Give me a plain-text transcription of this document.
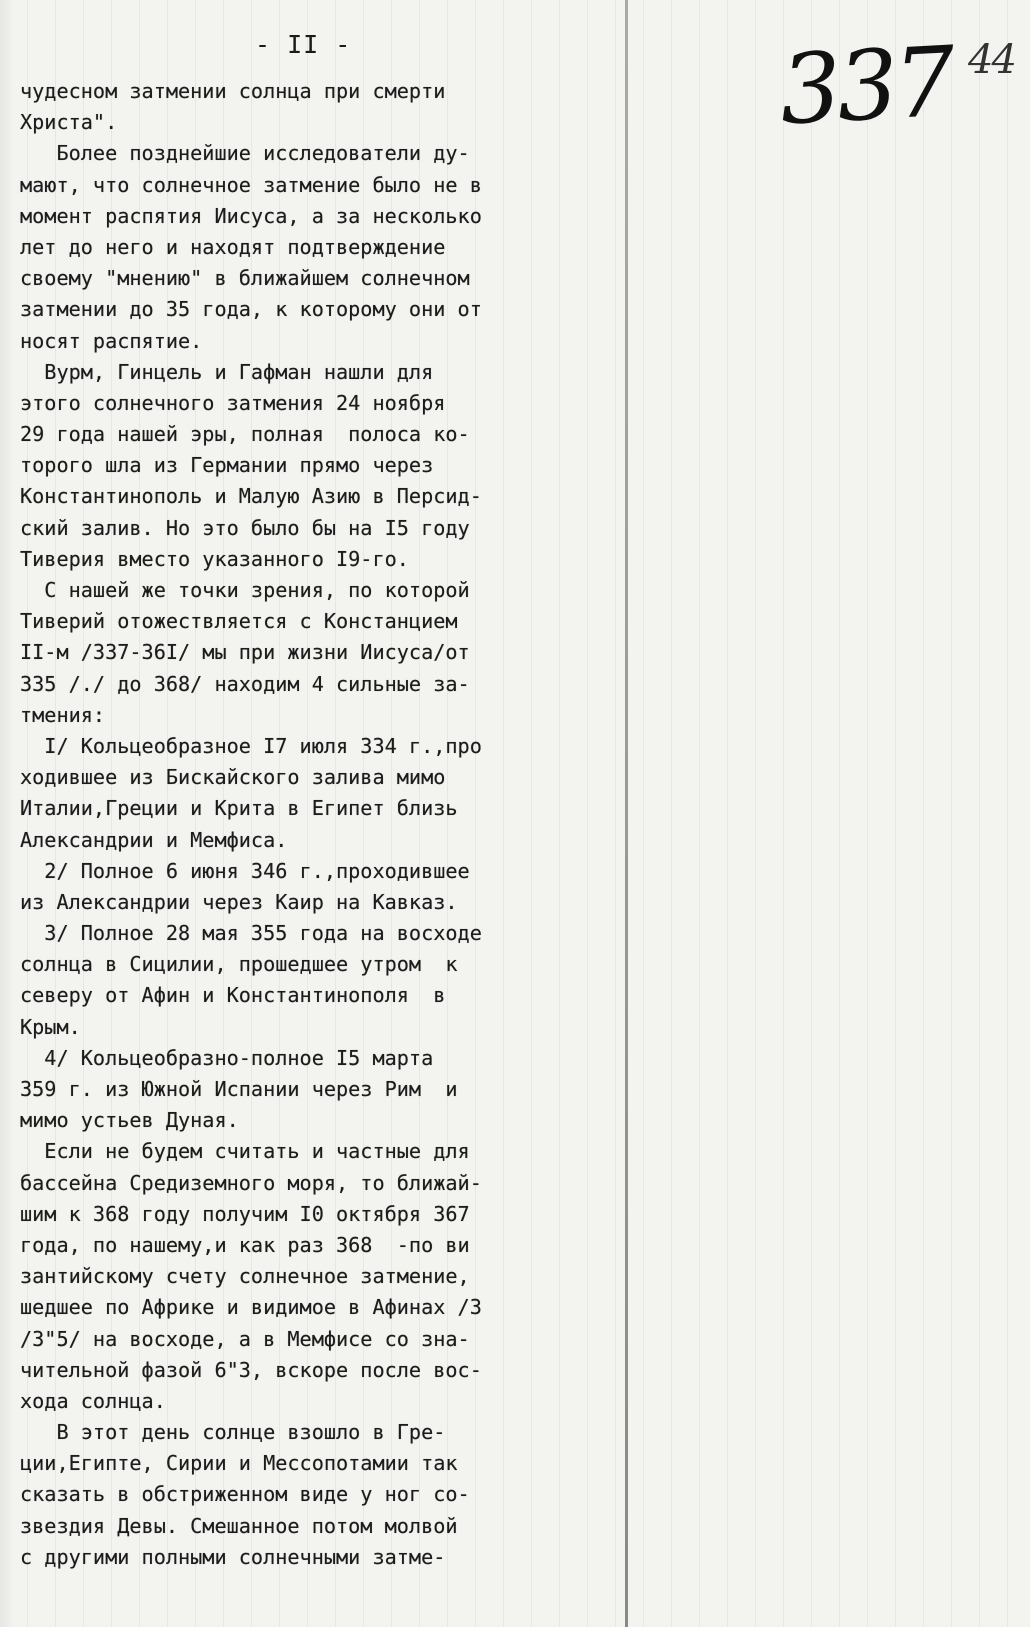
- II -	337 44
чудесном затмении солнца при смерти
Христа".
Более позднейшие исследователи ду-
мают, что солнечное затмение было не в
момент распятия Иисуса, а за несколько
лет до него и находят подтверждение
своему "мнению" в ближайшем солнечном
затмении до 35 года, к которому они от
носят распятие.
Вурм, Гинцель и Гафман нашли для
этого солнечного затмения 24 ноября
29 года нашей эры, полная  полоса ко-
торого шла из Германии прямо через
Константинополь и Малую Азию в Персид-
ский залив. Но это было бы на I5 году
Тиверия вместо указанного I9-го.
С нашей же точки зрения, по которой
Тиверий отожествляется с Констанцием
II-м /337-36I/ мы при жизни Иисуса/от
335 /./ до 368/ находим 4 сильные за-
тмения:
I/ Кольцеобразное I7 июля 334 г.,про
ходившее из Бискайского залива мимо
Италии,Греции и Крита в Египет близь
Александрии и Мемфиса.
2/ Полное 6 июня 346 г.,проходившее
из Александрии через Каир на Кавказ.
3/ Полное 28 мая 355 года на восходе
солнца в Сицилии, прошедшее утром  к
северу от Афин и Константинополя  в
Крым.
4/ Кольцеобразно-полное I5 марта
359 г. из Южной Испании через Рим  и
мимо устьев Дуная.
Если не будем считать и частные для
бассейна Средиземного моря, то ближай-
шим к 368 году получим I0 октября 367
года, по нашему,и как раз 368  -по ви
зантийскому счету солнечное затмение,
шедшее по Африке и видимое в Афинах /3
/3"5/ на восходе, а в Мемфисе со зна-
чительной фазой 6"3, вскоре после вос-
хода солнца.
В этот день солнце взошло в Гре-
ции,Египте, Сирии и Мессопотамии так
сказать в обстриженном виде у ног со-
звездия Девы. Смешанное потом молвой
с другими полными солнечными затме-
